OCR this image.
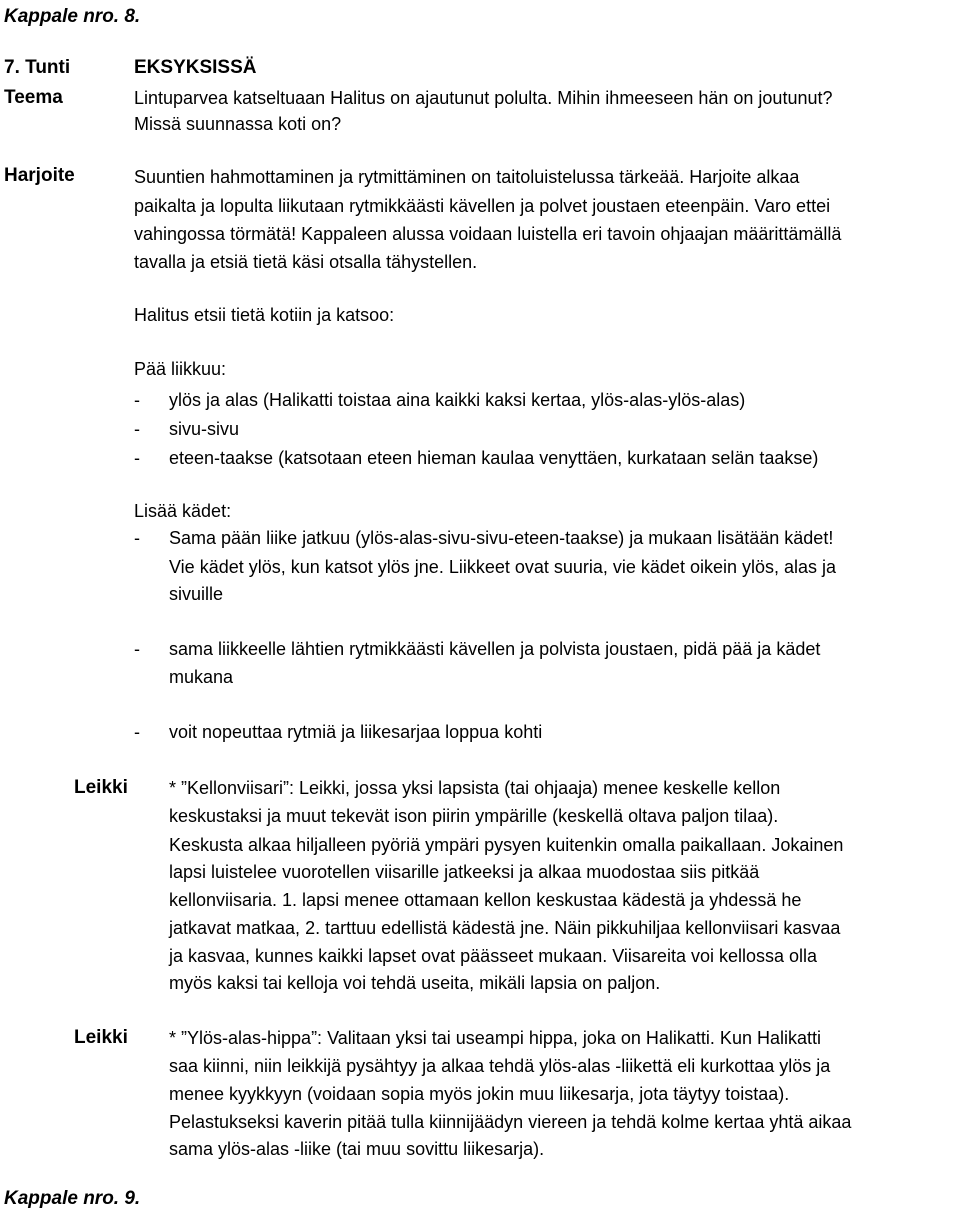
Kappale nro. 8.
7. Tunti	EKSYKSISSÄ
Teema	Lintuparvea katseltuaan Halitus on ajautunut polulta. Mihin ihmeeseen hän on joutunut?
Missä suunnassa koti on?
Harjoite	Suuntien hahmottaminen ja rytmittäminen on taitoluistelussa tärkeää. Harjoite alkaa
paikalta ja lopulta liikutaan rytmikkäästi kävellen ja polvet joustaen eteenpäin. Varo ettei
vahingossa törmätä! Kappaleen alussa voidaan luistella eri tavoin ohjaajan määrittämällä
tavalla ja etsiä tietä käsi otsalla tähystellen.
Halitus etsii tietä kotiin ja katsoo:
Pää liikkuu:
- ylös ja alas (Halikatti toistaa aina kaikki kaksi kertaa, ylös-alas-ylös-alas)
- sivu-sivu
- eteen-taakse (katsotaan eteen hieman kaulaa venyttäen, kurkataan selän taakse)
Lisää kädet:
- Sama pään liike jatkuu (ylös-alas-sivu-sivu-eteen-taakse) ja mukaan lisätään kädet!
Vie kädet ylös, kun katsot ylös jne. Liikkeet ovat suuria, vie kädet oikein ylös, alas ja
sivuille
- sama liikkeelle lähtien rytmikkäästi kävellen ja polvista joustaen, pidä pää ja kädet
mukana
- voit nopeuttaa rytmiä ja liikesarjaa loppua kohti
Leikki * ”Kellonviisari”: Leikki, jossa yksi lapsista (tai ohjaaja) menee keskelle kellon
keskustaksi ja muut tekevät ison piirin ympärille (keskellä oltava paljon tilaa).
Keskusta alkaa hiljalleen pyöriä ympäri pysyen kuitenkin omalla paikallaan. Jokainen
lapsi luistelee vuorotellen viisarille jatkeeksi ja alkaa muodostaa siis pitkää
kellonviisaria. 1. lapsi menee ottamaan kellon keskustaa kädestä ja yhdessä he
jatkavat matkaa, 2. tarttuu edellistä kädestä jne. Näin pikkuhiljaa kellonviisari kasvaa
ja kasvaa, kunnes kaikki lapset ovat päässeet mukaan. Viisareita voi kellossa olla
myös kaksi tai kelloja voi tehdä useita, mikäli lapsia on paljon.
Leikki * ”Ylös-alas-hippa”: Valitaan yksi tai useampi hippa, joka on Halikatti. Kun Halikatti
saa kiinni, niin leikkijä pysähtyy ja alkaa tehdä ylös-alas -liikettä eli kurkottaa ylös ja
menee kyykkyyn (voidaan sopia myös jokin muu liikesarja, jota täytyy toistaa).
Pelastukseksi kaverin pitää tulla kiinnijäädyn viereen ja tehdä kolme kertaa yhtä aikaa
sama ylös-alas -liike (tai muu sovittu liikesarja).
Kappale nro. 9.
